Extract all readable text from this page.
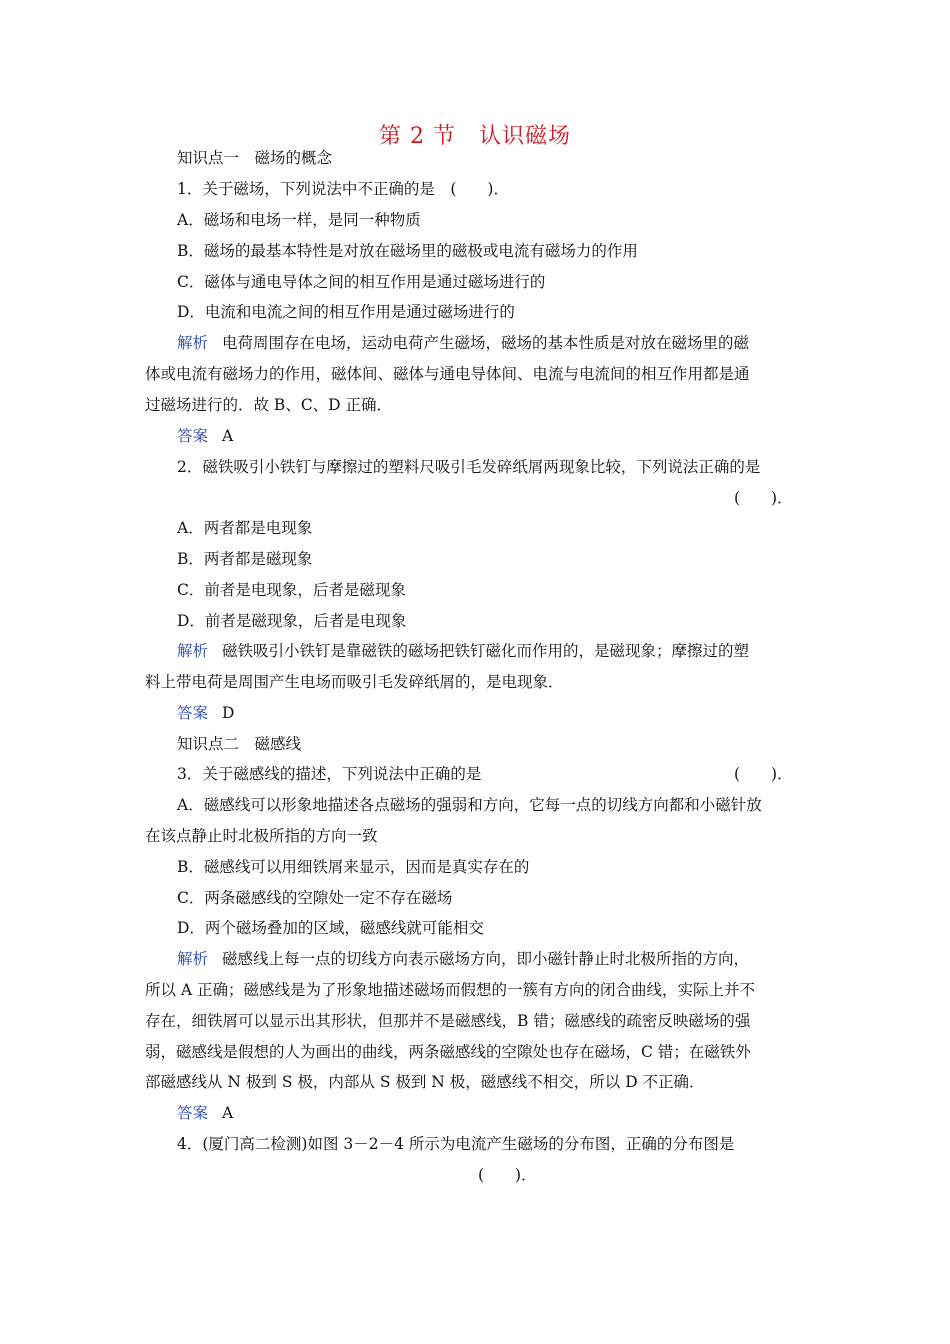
第 2 节　认识磁场
知识点一　磁场的概念
1．关于磁场，下列说法中不正确的是　(　　)．
A．磁场和电场一样，是同一种物质
B．磁场的最基本特性是对放在磁场里的磁极或电流有磁场力的作用
C．磁体与通电导体之间的相互作用是通过磁场进行的
D．电流和电流之间的相互作用是通过磁场进行的
解析 电荷周围存在电场，运动电荷产生磁场，磁场的基本性质是对放在磁场里的磁
体或电流有磁场力的作用，磁体间、磁体与通电导体间、电流与电流间的相互作用都是通
过磁场进行的．故 B、C、D 正确．
答案 A
2．磁铁吸引小铁钉与摩擦过的塑料尺吸引毛发碎纸屑两现象比较，下列说法正确的是
(　　)．
A．两者都是电现象
B．两者都是磁现象
C．前者是电现象，后者是磁现象
D．前者是磁现象，后者是电现象
解析 磁铁吸引小铁钉是靠磁铁的磁场把铁钉磁化而作用的，是磁现象；摩擦过的塑
料上带电荷是周围产生电场而吸引毛发碎纸屑的，是电现象．
答案 D
知识点二　磁感线
3．关于磁感线的描述，下列说法中正确的是	(　　)．
A．磁感线可以形象地描述各点磁场的强弱和方向，它每一点的切线方向都和小磁针放
在该点静止时北极所指的方向一致
B．磁感线可以用细铁屑来显示，因而是真实存在的
C．两条磁感线的空隙处一定不存在磁场
D．两个磁场叠加的区域，磁感线就可能相交
解析 磁感线上每一点的切线方向表示磁场方向，即小磁针静止时北极所指的方向，
所以 A 正确；磁感线是为了形象地描述磁场而假想的一簇有方向的闭合曲线，实际上并不
存在，细铁屑可以显示出其形状，但那并不是磁感线，B 错；磁感线的疏密反映磁场的强
弱，磁感线是假想的人为画出的曲线，两条磁感线的空隙处也存在磁场，C 错；在磁铁外
部磁感线从 N 极到 S 极，内部从 S 极到 N 极，磁感线不相交，所以 D 不正确．
答案 A
4．(厦门高二检测)如图 3－2－4 所示为电流产生磁场的分布图，正确的分布图是
(　　)．
